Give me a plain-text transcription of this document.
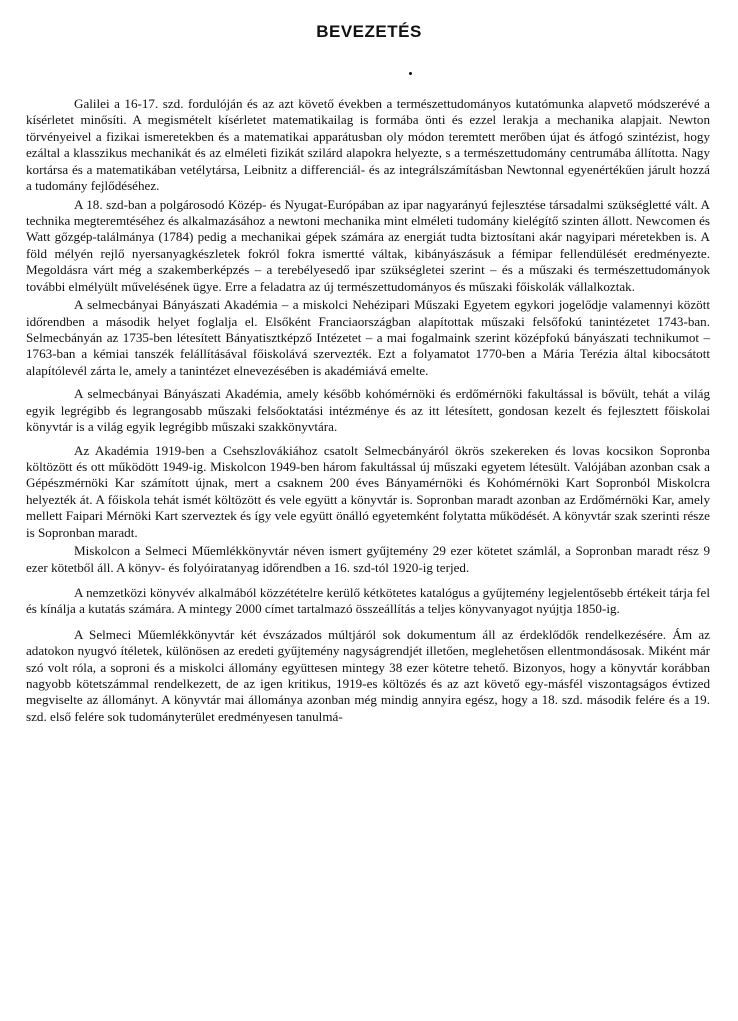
BEVEZETÉS

Galilei a 16-17. szd. fordulóján és az azt követő években a természettudományos kutatómunka alapvető módszerévé a kísérletet minősíti. A megismételt kísérletet matematikailag is formába önti és ezzel lerakja a mechanika alapjait. Newton törvényeivel a fizikai ismeretekben és a matematikai apparátusban oly módon teremtett merőben újat és átfogó szintézist, hogy ezáltal a klasszikus mechanikát és az elméleti fizikát szilárd alapokra helyezte, s a természettudomány centrumába állította. Nagy kortársa és a matematikában vetélytársa, Leibnitz a differenciál- és az integrálszámításban Newtonnal egyenértékűen járult hozzá a tudomány fejlődéséhez.

A 18. szd-ban a polgárosodó Közép- és Nyugat-Európában az ipar nagyarányú fejlesztése társadalmi szükségletté vált. A technika megteremtéséhez és alkalmazásához a newtoni mechanika mint elméleti tudomány kielégítő szinten állott. Newcomen és Watt gőzgép-találmánya (1784) pedig a mechanikai gépek számára az energiát tudta biztosítani akár nagyipari méretekben is. A föld mélyén rejlő nyersanyagkészletek fokról fokra ismertté váltak, kibányászásuk a fémipar fellendülését eredményezte. Megoldásra várt még a szakemberképzés – a terebélyesedő ipar szükségletei szerint – és a műszaki és természettudományok további elmélyült művelésének ügye. Erre a feladatra az új természettudományos és műszaki főiskolák vállalkoztak.

A selmecbányai Bányászati Akadémia – a miskolci Nehézipari Műszaki Egyetem egykori jogelődje valamennyi között időrendben a második helyet foglalja el. Elsőként Franciaországban alapítottak műszaki felsőfokú tanintézetet 1743-ban. Selmecbányán az 1735-ben létesített Bányatisztképző Intézetet – a mai fogalmaink szerint középfokú bányászati technikumot – 1763-ban a kémiai tanszék felállításával főiskolává szervezték. Ezt a folyamatot 1770-ben a Mária Terézia által kibocsátott alapítólevél zárta le, amely a tanintézet elnevezésében is akadémiává emelte.

A selmecbányai Bányászati Akadémia, amely később kohómérnöki és erdőmérnöki fakultással is bővült, tehát a világ egyik legrégibb és legrangosabb műszaki felsőoktatási intézménye és az itt létesített, gondosan kezelt és fejlesztett főiskolai könyvtár is a világ egyik legrégibb műszaki szakkönyvtára.

Az Akadémia 1919-ben a Csehszlovákiához csatolt Selmecbányáról ökrös szekereken és lovas kocsikon Sopronba költözött és ott működött 1949-ig. Miskolcon 1949-ben három fakultással új műszaki egyetem létesült. Valójában azonban csak a Gépészmérnöki Kar számított újnak, mert a csaknem 200 éves Bányamérnöki és Kohómérnöki Kart Sopronból Miskolcra helyezték át. A főiskola tehát ismét költözött és vele együtt a könyvtár is. Sopronban maradt azonban az Erdőmérnöki Kar, amely mellett Faipari Mérnöki Kart szerveztek és így vele együtt önálló egyetemként folytatta működését. A könyvtár szak szerinti része is Sopronban maradt.

Miskolcon a Selmeci Műemlékkönyvtár néven ismert gyűjtemény 29 ezer kötetet számlál, a Sopronban maradt rész 9 ezer kötetből áll. A könyv- és folyóiratanyag időrendben a 16. szd-tól 1920-ig terjed.

A nemzetközi könyvév alkalmából közzétételre kerülő kétkötetes katalógus a gyűjtemény legjelentősebb értékeit tárja fel és kínálja a kutatás számára. A mintegy 2000 címet tartalmazó összeállítás a teljes könyvanyagot nyújtja 1850-ig.

A Selmeci Műemlékkönyvtár két évszázados múltjáról sok dokumentum áll az érdeklődők rendelkezésére. Ám az adatokon nyugvó ítéletek, különösen az eredeti gyűjtemény nagyságrendjét illetően, meglehetősen ellentmondásosak. Miként már szó volt róla, a soproni és a miskolci állomány együttesen mintegy 38 ezer kötetre tehető. Bizonyos, hogy a könyvtár korábban nagyobb kötetszámmal rendelkezett, de az igen kritikus, 1919-es költözés és az azt követő egy-másfél viszontagságos évtized megviselte az állományt. A könyvtár mai állománya azonban még mindig annyira egész, hogy a 18. szd. második felére és a 19. szd. első felére sok tudományterület eredményesen tanulmá-
